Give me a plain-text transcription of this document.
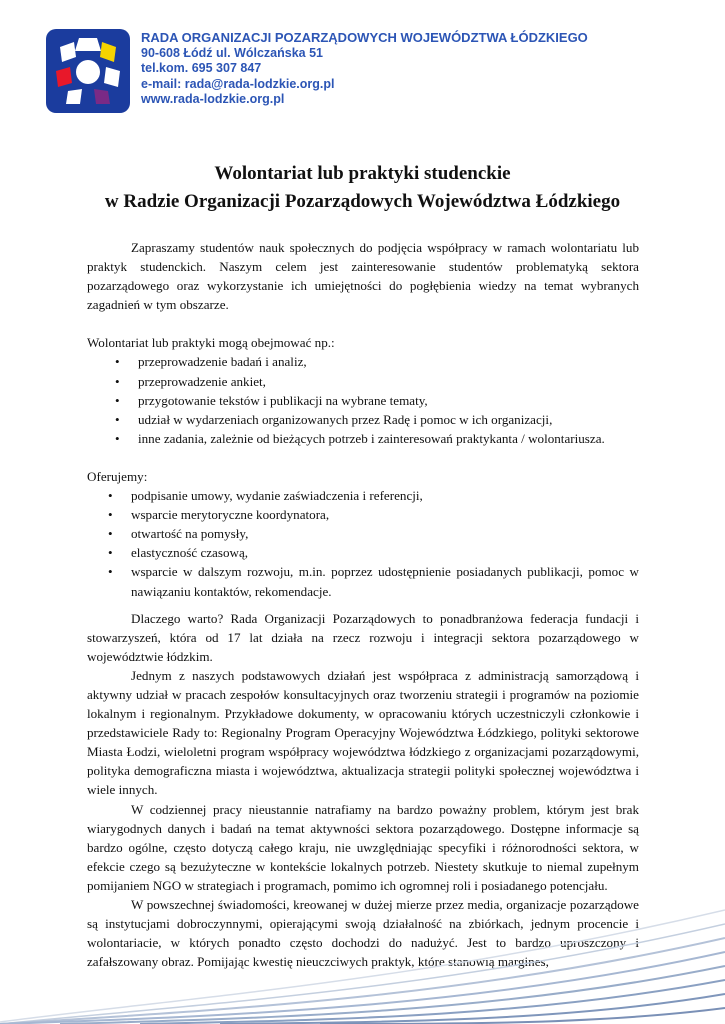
RADA ORGANIZACJI POZARZĄDOWYCH WOJEWÓDZTWA ŁÓDZKIEGO
90-608 Łódź ul. Wólczańska 51
tel.kom. 695 307 847
e-mail: rada@rada-lodzkie.org.pl
www.rada-lodzkie.org.pl
Wolontariat lub praktyki studenckie
w Radzie Organizacji Pozarządowych Województwa Łódzkiego

Zapraszamy studentów nauk społecznych do podjęcia współpracy w ramach wolontariatu lub praktyk studenckich. Naszym celem jest zainteresowanie studentów problematyką sektora pozarządowego oraz wykorzystanie ich umiejętności do pogłębienia wiedzy na temat wybranych zagadnień w tym obszarze.

Wolontariat lub praktyki mogą obejmować np.:

• przeprowadzenie badań i analiz,
• przeprowadzenie ankiet,
• przygotowanie tekstów i publikacji na wybrane tematy,
• udział w wydarzeniach organizowanych przez Radę i pomoc w ich organizacji,
• inne zadania, zależnie od bieżących potrzeb i zainteresowań praktykanta / wolontariusza.

Oferujemy:

• podpisanie umowy, wydanie zaświadczenia i referencji,
• wsparcie merytoryczne koordynatora,
• otwartość na pomysły,
• elastyczność czasową,
• wsparcie w dalszym rozwoju, m.in. poprzez udostępnienie posiadanych publikacji, pomoc w nawiązaniu kontaktów, rekomendacje.

Dlaczego warto? Rada Organizacji Pozarządowych to ponadbranżowa federacja fundacji i stowarzyszeń, która od 17 lat działa na rzecz rozwoju i integracji sektora pozarządowego w województwie łódzkim.

Jednym z naszych podstawowych działań jest współpraca z administracją samorządową i aktywny udział w pracach zespołów konsultacyjnych oraz tworzeniu strategii i programów na poziomie lokalnym i regionalnym. Przykładowe dokumenty, w opracowaniu których uczestniczyli członkowie i przedstawiciele Rady to: Regionalny Program Operacyjny Województwa Łódzkiego, polityki sektorowe Miasta Łodzi, wieloletni program współpracy województwa łódzkiego z organizacjami pozarządowymi, polityka demograficzna miasta i województwa, aktualizacja strategii polityki społecznej województwa i wiele innych.

W codziennej pracy nieustannie natrafiamy na bardzo poważny problem, którym jest brak wiarygodnych danych i badań na temat aktywności sektora pozarządowego. Dostępne informacje są bardzo ogólne, często dotyczą całego kraju, nie uwzględniając specyfiki i różnorodności sektora, w efekcie czego są bezużyteczne w kontekście lokalnych potrzeb. Niestety skutkuje to niemal zupełnym pomijaniem NGO w strategiach i programach, pomimo ich ogromnej roli i posiadanego potencjału.

W powszechnej świadomości, kreowanej w dużej mierze przez media, organizacje pozarządowe są instytucjami dobroczynnymi, opierającymi swoją działalność na zbiórkach, jednym procencie i wolontariacie, w których ponadto często dochodzi do nadużyć. Jest to bardzo uproszczony i zafałszowany obraz. Pomijając kwestię nieuczciwych praktyk, które stanowią margines,
